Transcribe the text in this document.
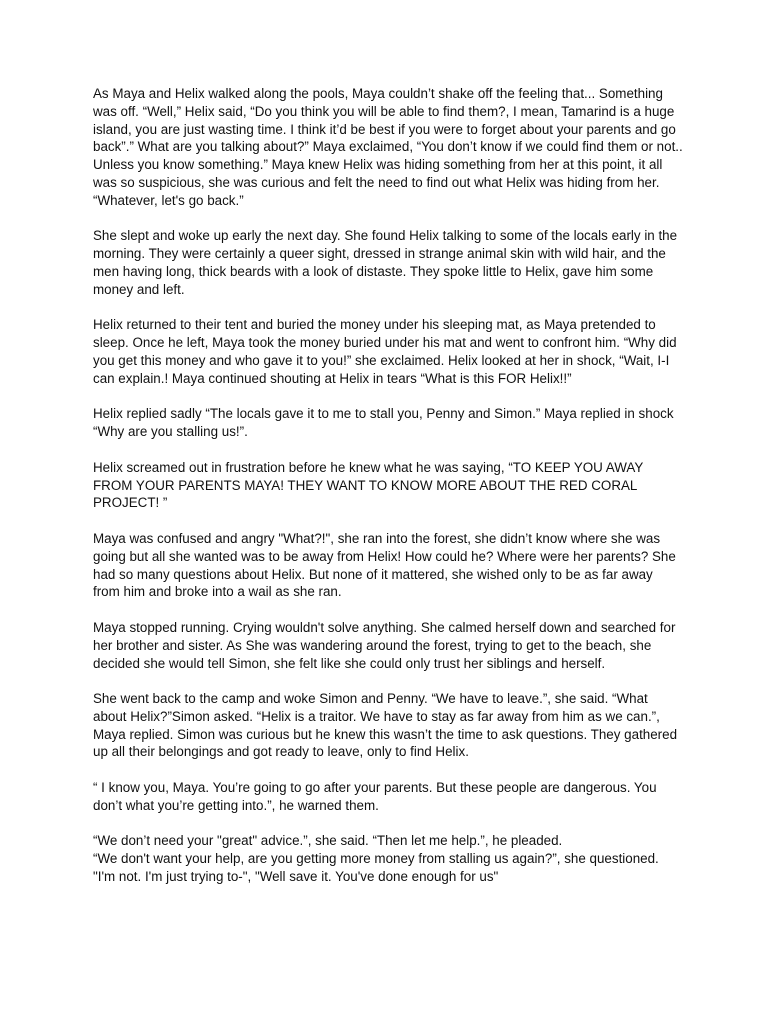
As Maya and Helix walked along the pools, Maya couldn’t shake off the feeling that... Something was off. “Well,” Helix said, “Do you think you will be able to find them?, I mean, Tamarind is a huge island, you are just wasting time. I think it’d be best if you were to forget about your parents and go back”.” What are you talking about?” Maya exclaimed, “You don’t know if we could find them or not.. Unless you know something.” Maya knew Helix was hiding something from her at this point, it all was so suspicious, she was curious and felt the need to find out what Helix was hiding from her. “Whatever, let's go back.”

She slept and woke up early the next day. She found Helix talking to some of the locals early in the morning. They were certainly a queer sight, dressed in strange animal skin with wild hair, and the men having long, thick beards with a look of distaste. They spoke little to Helix, gave him some money and left.

Helix returned to their tent and buried the money under his sleeping mat, as Maya pretended to sleep. Once he left, Maya took the money buried under his mat and went to confront him. “Why did you get this money and who gave it to you!” she exclaimed. Helix looked at her in shock, “Wait, I-I can explain.! Maya continued shouting at Helix in tears “What is this FOR Helix!!”

Helix replied sadly “The locals gave it to me to stall you, Penny and Simon.” Maya replied in shock “Why are you stalling us!”.

Helix screamed out in frustration before he knew what he was saying, “TO KEEP YOU AWAY FROM YOUR PARENTS MAYA! THEY WANT TO KNOW MORE ABOUT THE RED CORAL PROJECT! ”

Maya was confused and angry "What?!", she ran into the forest, she didn’t know where she was going but all she wanted was to be away from Helix! How could he? Where were her parents? She had so many questions about Helix. But none of it mattered, she wished only to be as far away from him and broke into a wail as she ran.

Maya stopped running. Crying wouldn't solve anything. She calmed herself down and searched for her brother and sister. As She was wandering around the forest, trying to get to the beach, she decided she would tell Simon, she felt like she could only trust her siblings and herself.

She went back to the camp and woke Simon and Penny. “We have to leave.”, she said. “What about Helix?”Simon asked. “Helix is a traitor. We have to stay as far away from him as we can.”, Maya replied. Simon was curious but he knew this wasn’t the time to ask questions. They gathered up all their belongings and got ready to leave, only to find Helix.

“ I know you, Maya. You’re going to go after your parents. But these people are dangerous. You don’t what you’re getting into.”, he warned them.

“We don’t need your "great" advice.”, she said. “Then let me help.”, he pleaded.
“We don't want your help, are you getting more money from stalling us again?”, she questioned. "I'm not. I'm just trying to-", "Well save it. You've done enough for us"
